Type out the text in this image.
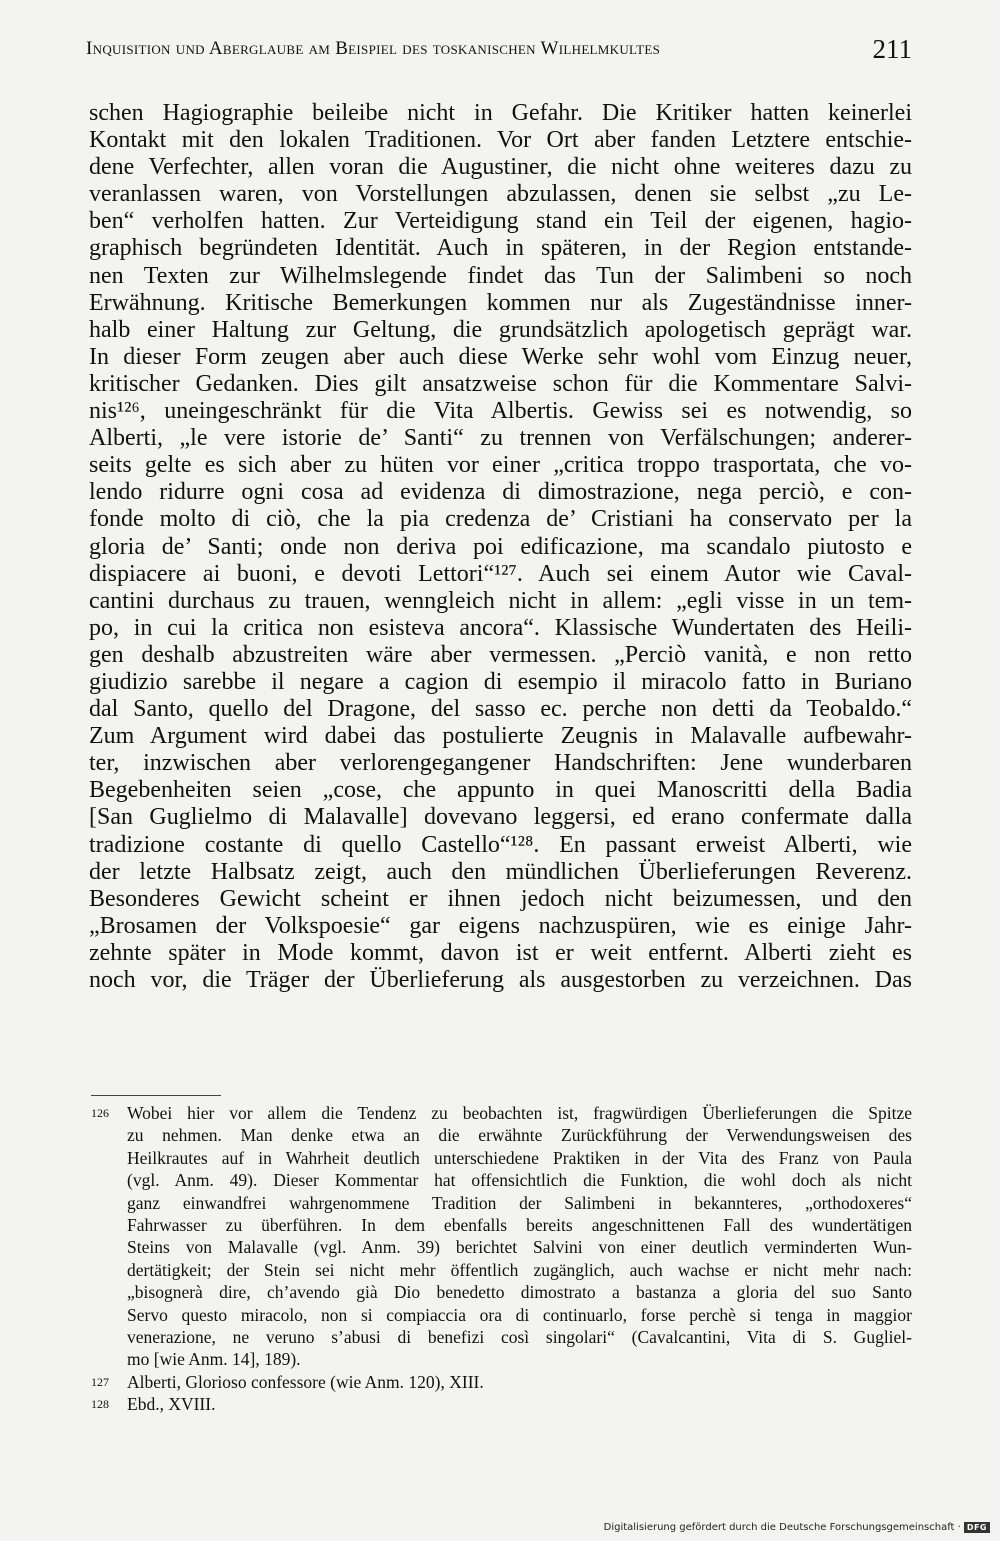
Inquisition und Aberglaube am Beispiel des toskanischen Wilhelmkultes	211
schen Hagiographie beileibe nicht in Gefahr. Die Kritiker hatten keinerlei
Kontakt mit den lokalen Traditionen. Vor Ort aber fanden Letztere entschie-
dene Verfechter, allen voran die Augustiner, die nicht ohne weiteres dazu zu
veranlassen waren, von Vorstellungen abzulassen, denen sie selbst „zu Le-
ben“ verholfen hatten. Zur Verteidigung stand ein Teil der eigenen, hagio-
graphisch begründeten Identität. Auch in späteren, in der Region entstande-
nen Texten zur Wilhelmslegende findet das Tun der Salimbeni so noch
Erwähnung. Kritische Bemerkungen kommen nur als Zugeständnisse inner-
halb einer Haltung zur Geltung, die grundsätzlich apologetisch geprägt war.
In dieser Form zeugen aber auch diese Werke sehr wohl vom Einzug neuer,
kritischer Gedanken. Dies gilt ansatzweise schon für die Kommentare Salvi-
nis¹²⁶, uneingeschränkt für die Vita Albertis. Gewiss sei es notwendig, so
Alberti, „le vere istorie de’ Santi“ zu trennen von Verfälschungen; anderer-
seits gelte es sich aber zu hüten vor einer „critica troppo trasportata, che vo-
lendo ridurre ogni cosa ad evidenza di dimostrazione, nega perciò, e con-
fonde molto di ciò, che la pia credenza de’ Cristiani ha conservato per la
gloria de’ Santi; onde non deriva poi edificazione, ma scandalo piutosto e
dispiacere ai buoni, e devoti Lettori“¹²⁷. Auch sei einem Autor wie Caval-
cantini durchaus zu trauen, wenngleich nicht in allem: „egli visse in un tem-
po, in cui la critica non esisteva ancora“. Klassische Wundertaten des Heili-
gen deshalb abzustreiten wäre aber vermessen. „Perciò vanità, e non retto
giudizio sarebbe il negare a cagion di esempio il miracolo fatto in Buriano
dal Santo, quello del Dragone, del sasso ec. perche non detti da Teobaldo.“
Zum Argument wird dabei das postulierte Zeugnis in Malavalle aufbewahr-
ter, inzwischen aber verlorengegangener Handschriften: Jene wunderbaren
Begebenheiten seien „cose, che appunto in quei Manoscritti della Badia
[San Guglielmo di Malavalle] dovevano leggersi, ed erano confermate dalla
tradizione costante di quello Castello“¹²⁸. En passant erweist Alberti, wie
der letzte Halbsatz zeigt, auch den mündlichen Überlieferungen Reverenz.
Besonderes Gewicht scheint er ihnen jedoch nicht beizumessen, und den
„Brosamen der Volkspoesie“ gar eigens nachzuspüren, wie es einige Jahr-
zehnte später in Mode kommt, davon ist er weit entfernt. Alberti zieht es
noch vor, die Träger der Überlieferung als ausgestorben zu verzeichnen. Das
126	Wobei hier vor allem die Tendenz zu beobachten ist, fragwürdigen Überlieferungen die Spitze
zu nehmen. Man denke etwa an die erwähnte Zurückführung der Verwendungsweisen des
Heilkrautes auf in Wahrheit deutlich unterschiedene Praktiken in der Vita des Franz von Paula
(vgl. Anm. 49). Dieser Kommentar hat offensichtlich die Funktion, die wohl doch als nicht
ganz einwandfrei wahrgenommene Tradition der Salimbeni in bekannteres, „orthodoxeres“
Fahrwasser zu überführen. In dem ebenfalls bereits angeschnittenen Fall des wundertätigen
Steins von Malavalle (vgl. Anm. 39) berichtet Salvini von einer deutlich verminderten Wun-
dertätigkeit; der Stein sei nicht mehr öffentlich zugänglich, auch wachse er nicht mehr nach:
„bisognerà dire, ch’avendo già Dio benedetto dimostrato a bastanza a gloria del suo Santo
Servo questo miracolo, non si compiaccia ora di continuarlo, forse perchè si tenga in maggior
venerazione, ne veruno s’abusi di benefizi così singolari“ (Cavalcantini, Vita di S. Gugliel-
mo [wie Anm. 14], 189).
127	Alberti, Glorioso confessore (wie Anm. 120), XIII.
128	Ebd., XVIII.
Digitalisierung gefördert durch die Deutsche Forschungsgemeinschaft · DFG
